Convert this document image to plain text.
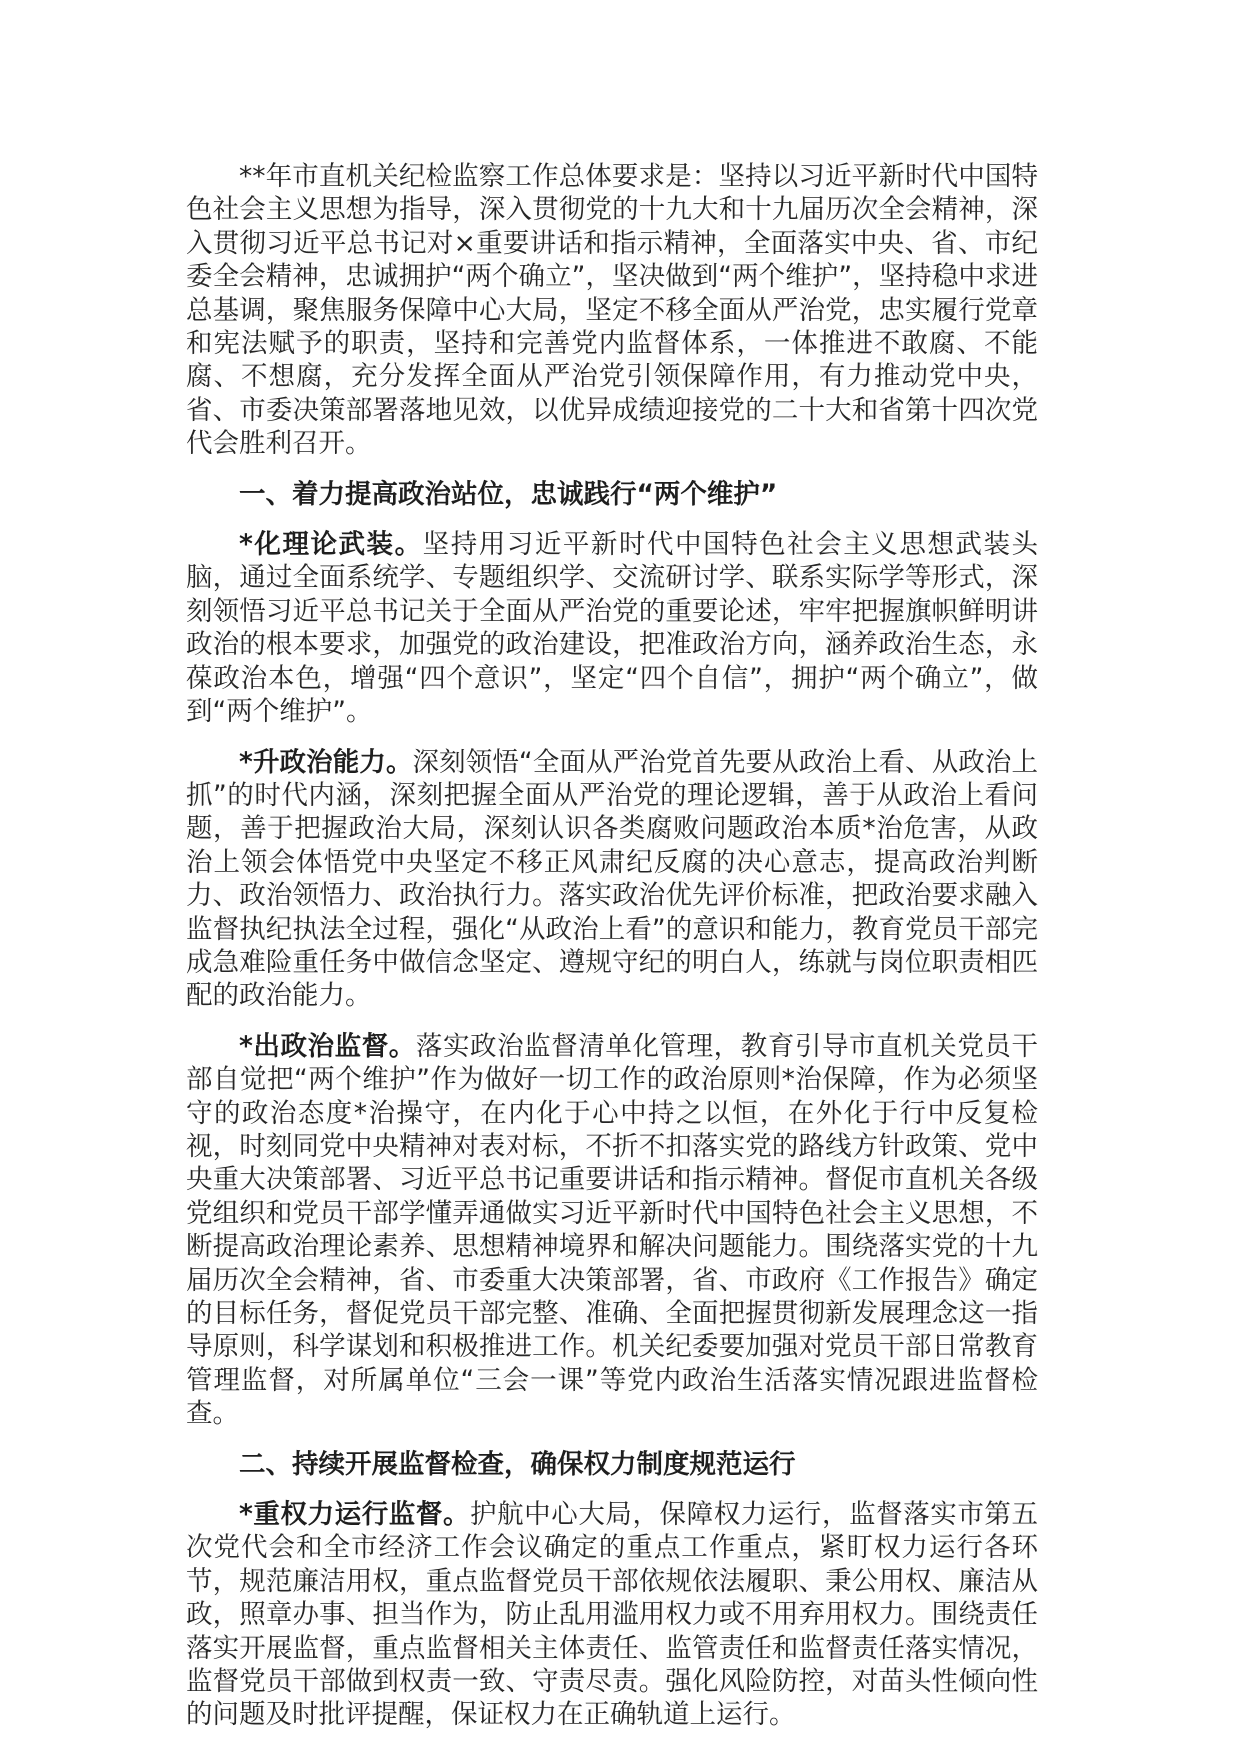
**年市直机关纪检监察工作总体要求是：坚持以习近平新时代中国特色社会主义思想为指导，深入贯彻党的十九大和十九届历次全会精神，深入贯彻习近平总书记对×重要讲话和指示精神，全面落实中央、省、市纪委全会精神，忠诚拥护“两个确立”，坚决做到“两个维护”，坚持稳中求进总基调，聚焦服务保障中心大局，坚定不移全面从严治党，忠实履行党章和宪法赋予的职责，坚持和完善党内监督体系，一体推进不敢腐、不能腐、不想腐，充分发挥全面从严治党引领保障作用，有力推动党中央，省、市委决策部署落地见效，以优异成绩迎接党的二十大和省第十四次党代会胜利召开。

一、着力提高政治站位，忠诚践行“两个维护”

*化理论武装。坚持用习近平新时代中国特色社会主义思想武装头脑，通过全面系统学、专题组织学、交流研讨学、联系实际学等形式，深刻领悟习近平总书记关于全面从严治党的重要论述，牢牢把握旗帜鲜明讲政治的根本要求，加强党的政治建设，把准政治方向，涵养政治生态，永葆政治本色，增强“四个意识”，坚定“四个自信”，拥护“两个确立”，做到“两个维护”。

*升政治能力。深刻领悟“全面从严治党首先要从政治上看、从政治上抓”的时代内涵，深刻把握全面从严治党的理论逻辑，善于从政治上看问题，善于把握政治大局，深刻认识各类腐败问题政治本质*治危害，从政治上领会体悟党中央坚定不移正风肃纪反腐的决心意志，提高政治判断力、政治领悟力、政治执行力。落实政治优先评价标准，把政治要求融入监督执纪执法全过程，强化“从政治上看”的意识和能力，教育党员干部完成急难险重任务中做信念坚定、遵规守纪的明白人，练就与岗位职责相匹配的政治能力。

*出政治监督。落实政治监督清单化管理，教育引导市直机关党员干部自觉把“两个维护”作为做好一切工作的政治原则*治保障，作为必须坚守的政治态度*治操守，在内化于心中持之以恒，在外化于行中反复检视，时刻同党中央精神对表对标，不折不扣落实党的路线方针政策、党中央重大决策部署、习近平总书记重要讲话和指示精神。督促市直机关各级党组织和党员干部学懂弄通做实习近平新时代中国特色社会主义思想，不断提高政治理论素养、思想精神境界和解决问题能力。围绕落实党的十九届历次全会精神，省、市委重大决策部署，省、市政府《工作报告》确定的目标任务，督促党员干部完整、准确、全面把握贯彻新发展理念这一指导原则，科学谋划和积极推进工作。机关纪委要加强对党员干部日常教育管理监督，对所属单位“三会一课”等党内政治生活落实情况跟进监督检查。

二、持续开展监督检查，确保权力制度规范运行

*重权力运行监督。护航中心大局，保障权力运行，监督落实市第五次党代会和全市经济工作会议确定的重点工作重点，紧盯权力运行各环节，规范廉洁用权，重点监督党员干部依规依法履职、秉公用权、廉洁从政，照章办事、担当作为，防止乱用滥用权力或不用弃用权力。围绕责任落实开展监督，重点监督相关主体责任、监管责任和监督责任落实情况，监督党员干部做到权责一致、守责尽责。强化风险防控，对苗头性倾向性的问题及时批评提醒，保证权力在正确轨道上运行。
